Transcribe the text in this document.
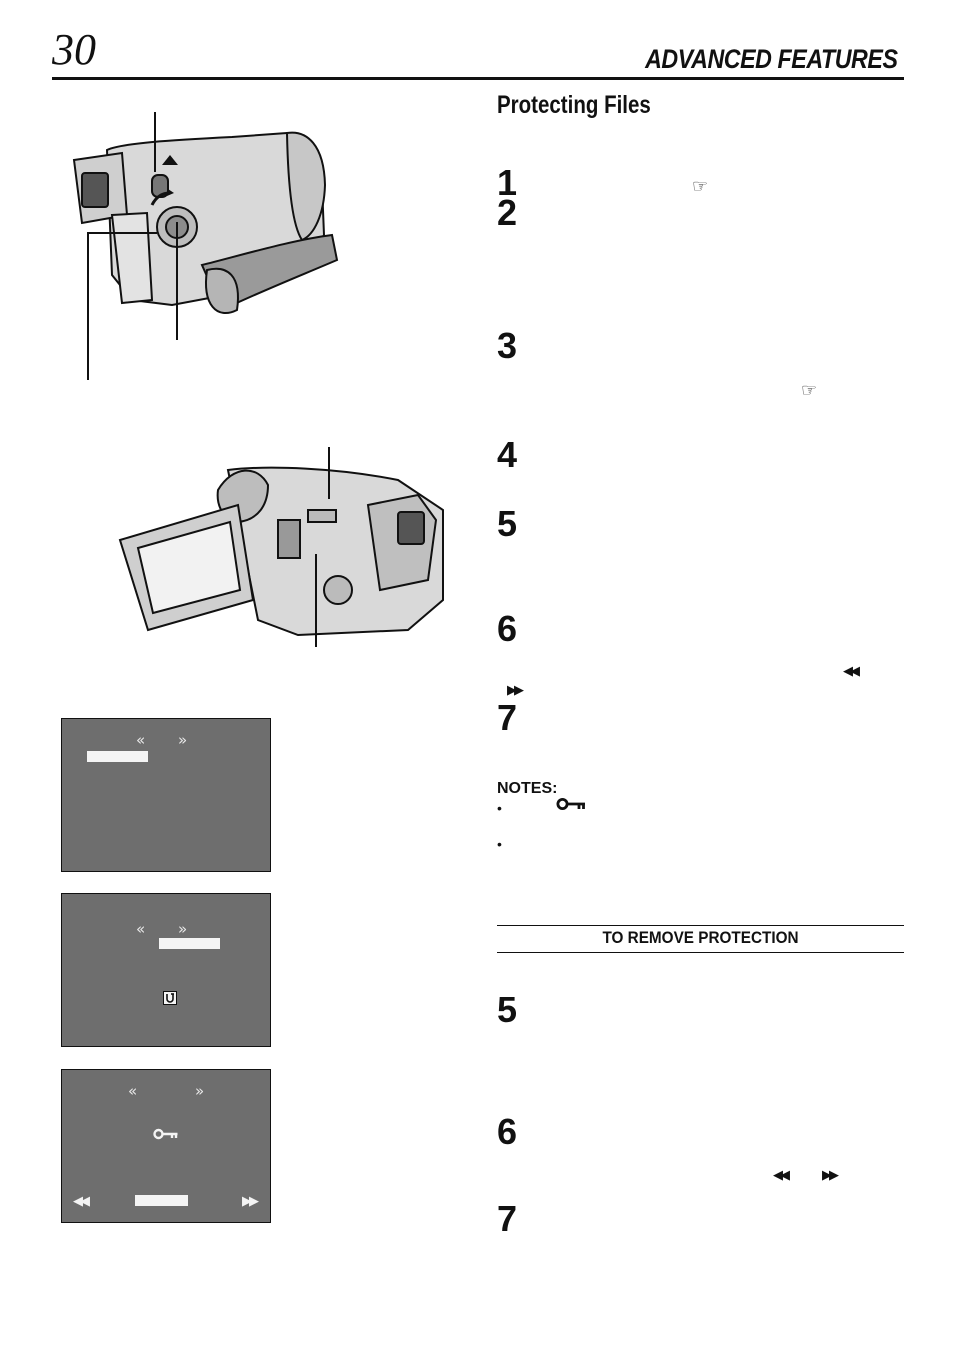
30	ADVANCED FEATURES
« »
« »
«	»
◀◀	▶▶
Protecting Files
1	☞
2
3
☞
4
5
6
◀◀
▶▶
7
NOTES:
•
•
TO REMOVE PROTECTION
5
6
◀◀	▶▶
7
